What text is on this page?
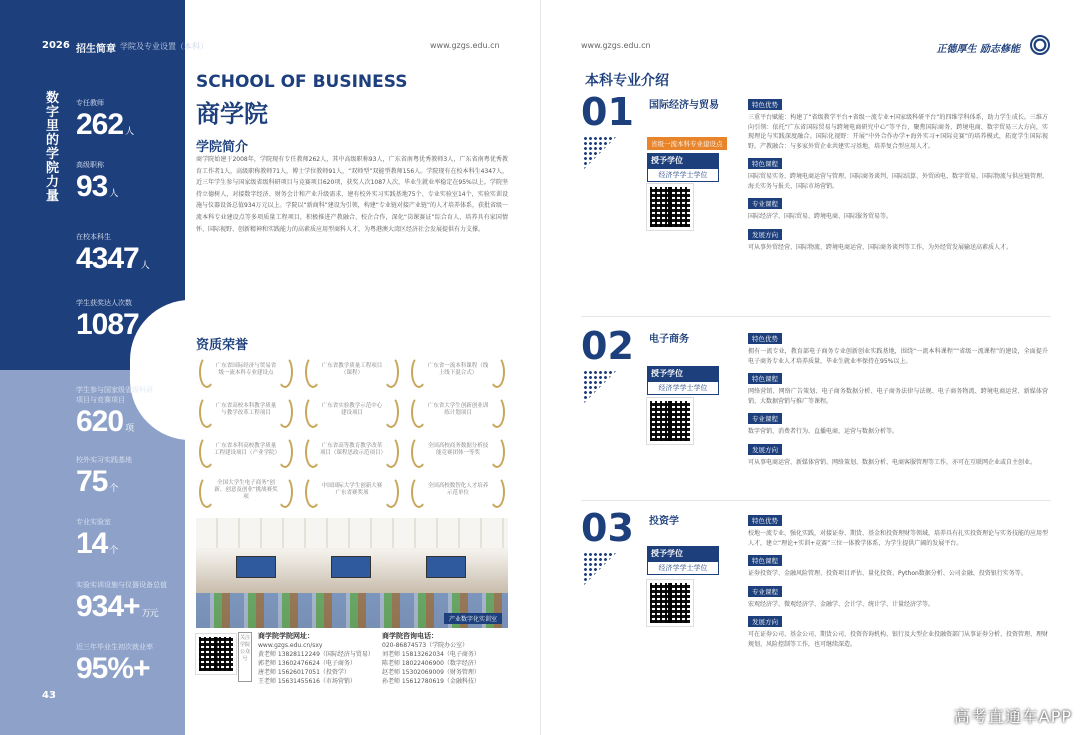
2026 招生简章 学院及专业设置（本科）	www.gzgs.edu.cn
数字里的学院力量
专任教师
262 人
高级职称
93 人
在校本科生
4347 人
学生获奖达人次数
1087 人次
学生参与国家级省级科研项目与竞赛项目
620 项
校外实习实践基地
75 个
专业实验室
14 个
实验实训设施与仪器设备总值
934+ 万元
近三年毕业生初次就业率
95%+
43
SCHOOL OF BUSINESS
商学院
学院简介
商学院始建于2008年，学院现有专任教师262人，其中高级职称93人，广东省南粤优秀教师3人，广东省南粤优秀教育工作者1人，高级职称教师71人，博士学位教师91人，“双师型”双能型教师156人。学院现有在校本科生4347人，近三年学生参与国家级省级科研项目与竞赛项目620项，获奖人次1087人次，毕业生就业率稳定在95%以上。学院坚持立德树人，对接数字经济、财务会计和产业升级需求，建有校外实习实践基地75个、专业实验室14个，实验实训设施与仪器设备总值934万元以上。学院以“新商科”建设为引领，构建“专业链对接产业链”的人才培养体系，获批省级一流本科专业建设点等多项质量工程项目，积极推进产教融合、校企合作，深化“岗课赛证”综合育人，培养具有家国情怀、国际视野、创新精神和实践能力的高素质应用型商科人才，为粤港澳大湾区经济社会发展提供有力支撑。
资质荣誉
广东省国际经济与贸易省级一流本科专业建设点
广东省教学质量工程项目（课程）
广东省一流本科课程（线上线下混合式）
广东省高校本科教学质量与教学改革工程项目
广东省实验教学示范中心建设项目
广东省大学生创新创业训练计划项目
广东省本科高校教学质量工程建设项目（产业学院）
广东省高等教育教学改革项目（课程思政示范项目）
全国高校商务数据分析技能竞赛团体一等奖
全国大学生电子商务“创新、创意及创业”挑战赛奖项
中国国际大学生创新大赛广东省赛奖项
全国高校数智化人才培养示范单位
产业数字化实训室
关注学院公众号
商学院学院网址：
www.gzgs.edu.cn/sxy
黄老师 13828112249（国际经济与贸易）
郭老师 13602476624（电子商务）
唐老师 15626017051（投资学）
王老师 15631455616（市场营销）
商学院咨询电话：
020-86874573（学院办公室）
刘老师 15813262034（电子商务）
陈老师 18022406900（数字经济）
赵老师 15302069009（财务管理）
孙老师 15612780619（金融科技）
www.gzgs.edu.cn	正德厚生 励志修能
本科专业介绍
01 国际经济与贸易
省级一流本科专业建设点
授予学位
经济学学士学位
特色优势
三重平台赋能：构建了“省级教学平台+省级一流专业+国家级科研平台”的四维学科体系，助力学生成长。三维方向引领：依托“广东省国际贸易与跨境电商研究中心”等平台，聚焦国际商务、跨境电商、数字贸易三大方向，实现理论与实践深度融合。国际化视野：开展“中外合作办学+海外实习+国际竞赛”的培养模式，拓宽学生国际视野。产教融合：与多家外贸企业共建实习基地，培养复合型应用人才。
特色课程
国际贸易实务、跨境电商运营与管理、国际商务谈判、国际结算、外贸函电、数字贸易、国际物流与供应链管理、海关实务与报关、国际市场营销。
专业课程
国际经济学、国际贸易、跨境电商、国际服务贸易等。
发展方向
可从事外贸经营、国际物流、跨境电商运营、国际商务谈判等工作，为外经贸发展输送高素质人才。
02 电子商务
授予学位
经济学学士学位
特色优势
拥有一流专业，教育部电子商务专业创新创业实践基地，围绕“一流本科课程”“省级一流课程”的建设，全面提升电子商务专业人才培养质量，毕业生就业率保持在95%以上。
特色课程
网络营销、网络广告策划、电子商务数据分析、电子商务法律与法规、电子商务物流、跨境电商运营、新媒体营销、大数据营销与推广等课程。
专业课程
数字营销、消费者行为、直播电商、运营与数据分析等。
发展方向
可从事电商运营、新媒体营销、网络策划、数据分析、电商客服管理等工作，亦可在互联网企业或自主创业。
03 投资学
授予学位
经济学学士学位
特色优势
校地一流专业，强化实践，对接证券、期货、基金和投资理财等领域，培养具有扎实投资理论与实务技能的应用型人才，建立“理论+实训+竞赛”三位一体教学体系，为学生提供广阔的发展平台。
特色课程
证券投资学、金融风险管理、投资项目评估、量化投资、Python数据分析、公司金融、投资银行实务等。
专业课程
宏观经济学、微观经济学、金融学、会计学、统计学、计量经济学等。
发展方向
可在证券公司、基金公司、期货公司、投资咨询机构、银行及大型企业投融资部门从事证券分析、投资管理、理财规划、风险控制等工作，也可继续深造。
高考直通车APP
